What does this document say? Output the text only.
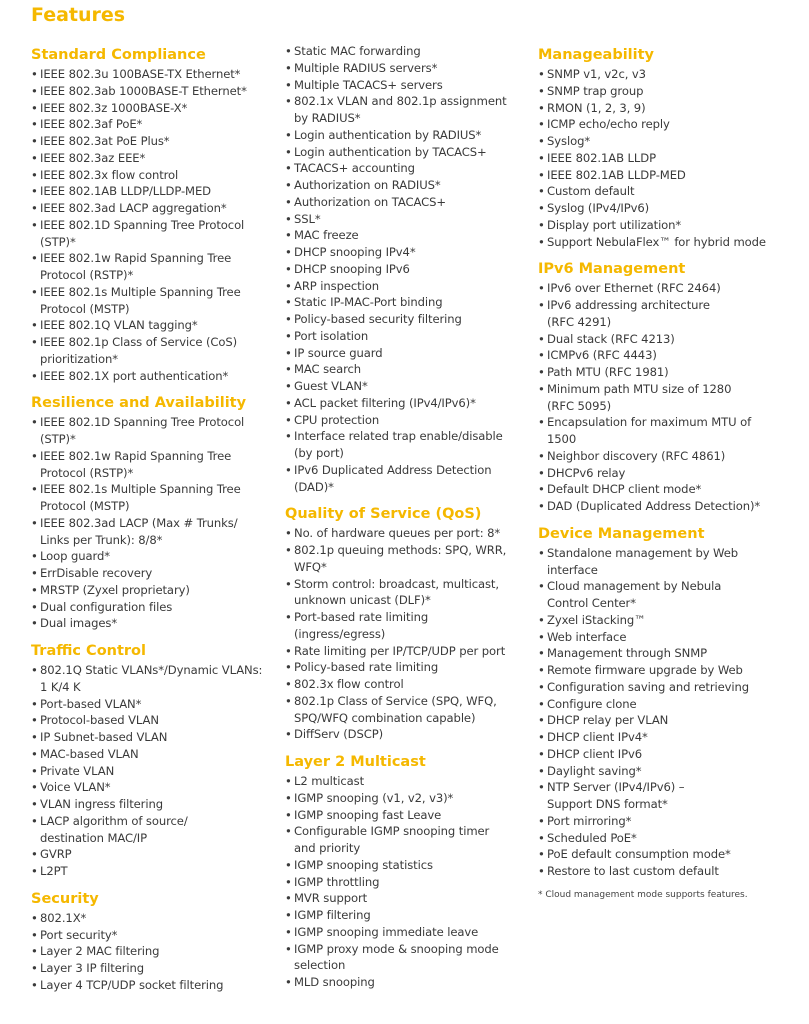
Features
Standard Compliance
• IEEE 802.3u 100BASE-TX Ethernet*
• IEEE 802.3ab 1000BASE-T Ethernet*
• IEEE 802.3z 1000BASE-X*
• IEEE 802.3af PoE*
• IEEE 802.3at PoE Plus*
• IEEE 802.3az EEE*
• IEEE 802.3x flow control
• IEEE 802.1AB LLDP/LLDP-MED
• IEEE 802.3ad LACP aggregation*
• IEEE 802.1D Spanning Tree Protocol
(STP)*
• IEEE 802.1w Rapid Spanning Tree
Protocol (RSTP)*
• IEEE 802.1s Multiple Spanning Tree
Protocol (MSTP)
• IEEE 802.1Q VLAN tagging*
• IEEE 802.1p Class of Service (CoS)
prioritization*
• IEEE 802.1X port authentication*
Resilience and Availability
• IEEE 802.1D Spanning Tree Protocol
(STP)*
• IEEE 802.1w Rapid Spanning Tree
Protocol (RSTP)*
• IEEE 802.1s Multiple Spanning Tree
Protocol (MSTP)
• IEEE 802.3ad LACP (Max # Trunks/
Links per Trunk): 8/8*
• Loop guard*
• ErrDisable recovery
• MRSTP (Zyxel proprietary)
• Dual configuration files
• Dual images*
Traffic Control
• 802.1Q Static VLANs*/Dynamic VLANs:
1 K/4 K
• Port-based VLAN*
• Protocol-based VLAN
• IP Subnet-based VLAN
• MAC-based VLAN
• Private VLAN
• Voice VLAN*
• VLAN ingress filtering
• LACP algorithm of source/
destination MAC/IP
• GVRP
• L2PT
Security
• 802.1X*
• Port security*
• Layer 2 MAC filtering
• Layer 3 IP filtering
• Layer 4 TCP/UDP socket filtering
• Static MAC forwarding
• Multiple RADIUS servers*
• Multiple TACACS+ servers
• 802.1x VLAN and 802.1p assignment
by RADIUS*
• Login authentication by RADIUS*
• Login authentication by TACACS+
• TACACS+ accounting
• Authorization on RADIUS*
• Authorization on TACACS+
• SSL*
• MAC freeze
• DHCP snooping IPv4*
• DHCP snooping IPv6
• ARP inspection
• Static IP-MAC-Port binding
• Policy-based security filtering
• Port isolation
• IP source guard
• MAC search
• Guest VLAN*
• ACL packet filtering (IPv4/IPv6)*
• CPU protection
• Interface related trap enable/disable
(by port)
• IPv6 Duplicated Address Detection
(DAD)*
Quality of Service (QoS)
• No. of hardware queues per port: 8*
• 802.1p queuing methods: SPQ, WRR,
WFQ*
• Storm control: broadcast, multicast,
unknown unicast (DLF)*
• Port-based rate limiting
(ingress/egress)
• Rate limiting per IP/TCP/UDP per port
• Policy-based rate limiting
• 802.3x flow control
• 802.1p Class of Service (SPQ, WFQ,
SPQ/WFQ combination capable)
• DiffServ (DSCP)
Layer 2 Multicast
• L2 multicast
• IGMP snooping (v1, v2, v3)*
• IGMP snooping fast Leave
• Configurable IGMP snooping timer
and priority
• IGMP snooping statistics
• IGMP throttling
• MVR support
• IGMP filtering
• IGMP snooping immediate leave
• IGMP proxy mode & snooping mode
selection
• MLD snooping
Manageability
• SNMP v1, v2c, v3
• SNMP trap group
• RMON (1, 2, 3, 9)
• ICMP echo/echo reply
• Syslog*
• IEEE 802.1AB LLDP
• IEEE 802.1AB LLDP-MED
• Custom default
• Syslog (IPv4/IPv6)
• Display port utilization*
• Support NebulaFlex™ for hybrid mode
IPv6 Management
• IPv6 over Ethernet (RFC 2464)
• IPv6 addressing architecture
(RFC 4291)
• Dual stack (RFC 4213)
• ICMPv6 (RFC 4443)
• Path MTU (RFC 1981)
• Minimum path MTU size of 1280
(RFC 5095)
• Encapsulation for maximum MTU of
1500
• Neighbor discovery (RFC 4861)
• DHCPv6 relay
• Default DHCP client mode*
• DAD (Duplicated Address Detection)*
Device Management
• Standalone management by Web
interface
• Cloud management by Nebula
Control Center*
• Zyxel iStacking™
• Web interface
• Management through SNMP
• Remote firmware upgrade by Web
• Configuration saving and retrieving
• Configure clone
• DHCP relay per VLAN
• DHCP client IPv4*
• DHCP client IPv6
• Daylight saving*
• NTP Server (IPv4/IPv6) –
Support DNS format*
• Port mirroring*
• Scheduled PoE*
• PoE default consumption mode*
• Restore to last custom default
* Cloud management mode supports features.
